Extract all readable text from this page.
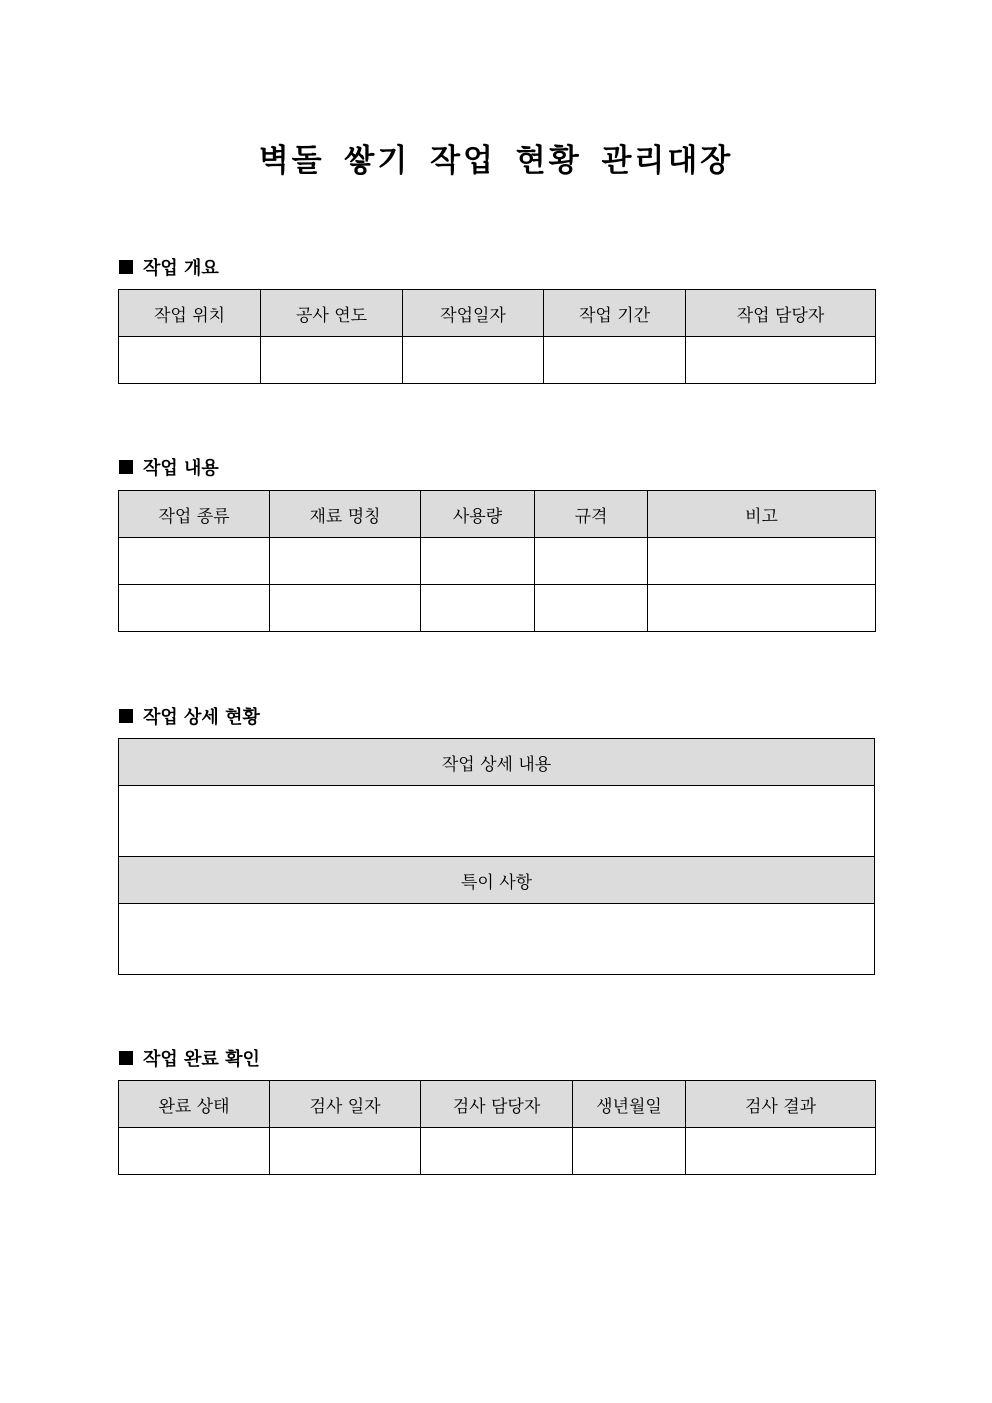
벽돌 쌓기 작업 현황 관리대장
작업 개요
작업 위치	공사 연도	작업일자	작업 기간	작업 담당자

작업 내용
작업 종류	재료 명칭	사용량	규격	비고

작업 상세 현황
작업 상세 내용

특이 사항

작업 완료 확인
완료 상태	검사 일자	검사 담당자	생년월일	검사 결과
